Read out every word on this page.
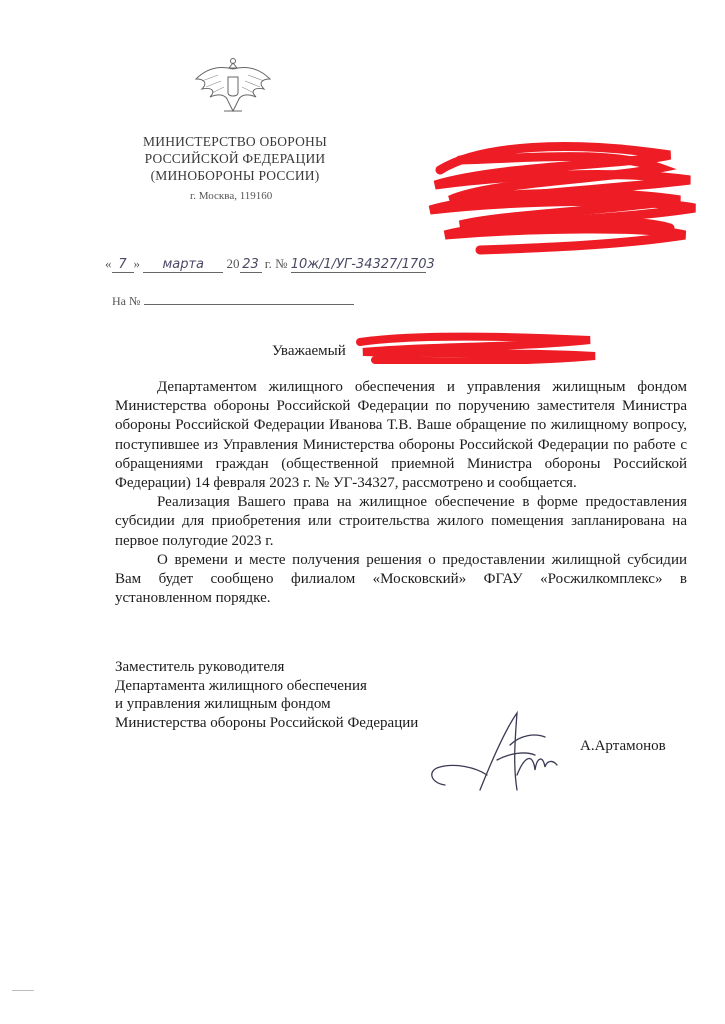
МИНИСТЕРСТВО ОБОРОНЫ
РОССИЙСКОЙ ФЕДЕРАЦИИ
(МИНОБОРОНЫ РОССИИ)
г. Москва, 119160
« 7 » марта 20 23 г. № 10ж/1/УГ-34327/1703
На №
Уважаемый

Департаментом жилищного обеспечения и управления жилищным фондом Министерства обороны Российской Федерации по поручению заместителя Министра обороны Российской Федерации Иванова Т.В. Ваше обращение по жилищному вопросу, поступившее из Управления Министерства обороны Российской Федерации по работе с обращениями граждан (общественной приемной Министра обороны Российской Федерации) 14 февраля 2023 г. № УГ-34327, рассмотрено и сообщается.

Реализация Вашего права на жилищное обеспечение в форме предоставления субсидии для приобретения или строительства жилого помещения запланирована на первое полугодие 2023 г.

О времени и месте получения решения о предоставлении жилищной субсидии Вам будет сообщено филиалом «Московский» ФГАУ «Росжилкомплекс» в установленном порядке.

Заместитель руководителя
Департамента жилищного обеспечения
и управления жилищным фондом
Министерства обороны Российской Федерации
А.Артамонов
